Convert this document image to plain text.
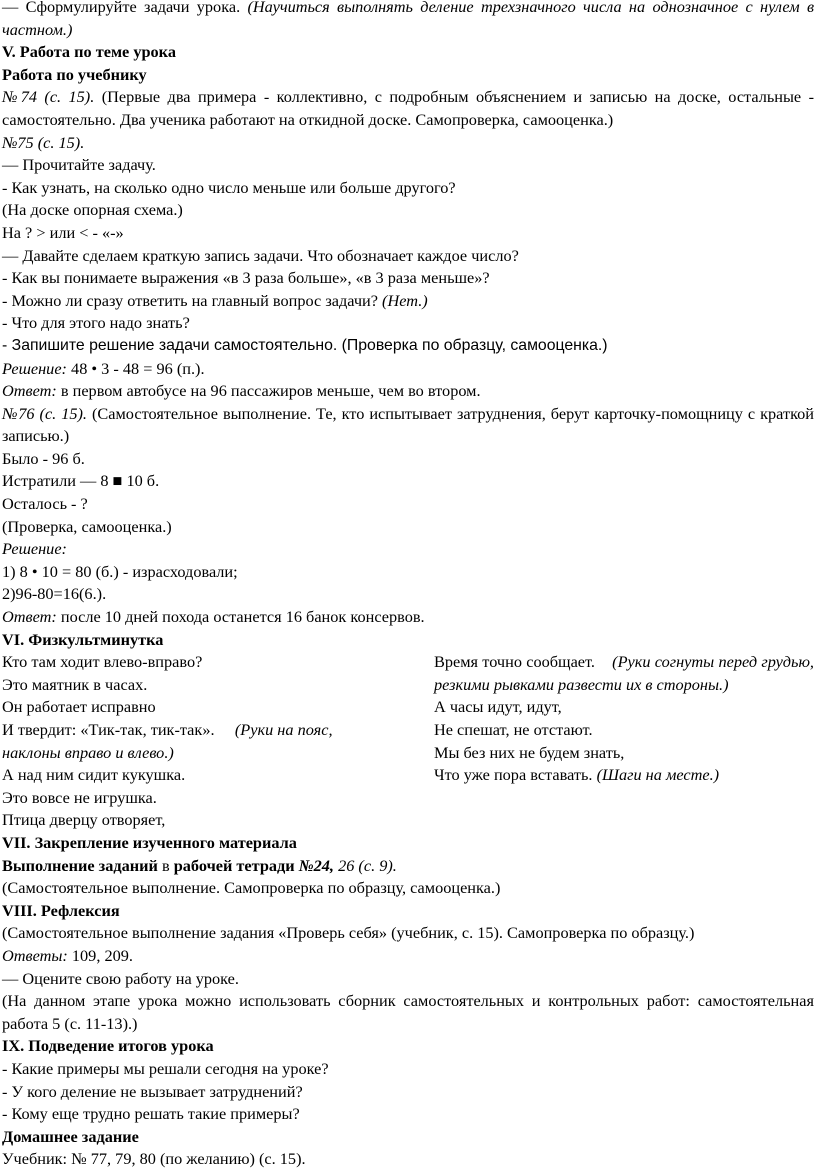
— Сформулируйте задачи урока. (Научиться выполнять деление трехзначного числа на однозначное с нулем в частном.)
V. Работа по теме урока
Работа по учебнику
№74 (с. 15). (Первые два примера - коллективно, с подробным объяснением и записью на доске, остальные - самостоятельно. Два ученика работают на откидной доске. Самопроверка, самооценка.)
№75 (с. 15).
— Прочитайте задачу.
- Как узнать, на сколько одно число меньше или больше другого?
(На доске опорная схема.)
На ? > или < - «-»
— Давайте сделаем краткую запись задачи. Что обозначает каждое число?
- Как вы понимаете выражения «в 3 раза больше», «в 3 раза меньше»?
- Можно ли сразу ответить на главный вопрос задачи? (Нет.)
- Что для этого надо знать?
- Запишите решение задачи самостоятельно. (Проверка по образцу, самооценка.)
Решение: 48 • 3 - 48 = 96 (п.).
Ответ: в первом автобусе на 96 пассажиров меньше, чем во втором.
№76 (с. 15). (Самостоятельное выполнение. Те, кто испытывает затруднения, берут карточку-помощницу с краткой записью.)
Было - 96 б.
Истратили — 8 ■ 10 б.
Осталось - ?
(Проверка, самооценка.)
Решение:
1) 8 • 10 = 80 (б.) - израсходовали;
2)96-80=16(6.).
Ответ: после 10 дней похода останется 16 банок консервов.
VI. Физкультминутка
Кто там ходит влево-вправо?
Это маятник в часах.
Он работает исправно
И твердит: «Тик-так, тик-так». (Руки на пояс, наклоны вправо и влево.)
А над ним сидит кукушка.
Это вовсе не игрушка.
Время точно сообщает. (Руки согнуты перед грудью, резкими рывками развести их в стороны.)
А часы идут, идут,
Не спешат, не отстают.
Мы без них не будем знать,
Что уже пора вставать. (Шаги на месте.)
Птица дверцу отворяет,
VII. Закрепление изученного материала
Выполнение заданий в рабочей тетради №24, 26 (с. 9).
(Самостоятельное выполнение. Самопроверка по образцу, самооценка.)
VIII. Рефлексия
(Самостоятельное выполнение задания «Проверь себя» (учебник, с. 15). Самопроверка по образцу.)
Ответы: 109, 209.
— Оцените свою работу на уроке.
(На данном этапе урока можно использовать сборник самостоятельных и контрольных работ: самостоятельная работа 5 (с. 11-13).)
IX. Подведение итогов урока
- Какие примеры мы решали сегодня на уроке?
- У кого деление не вызывает затруднений?
- Кому еще трудно решать такие примеры?
Домашнее задание
Учебник: № 77, 79, 80 (по желанию) (с. 15).
